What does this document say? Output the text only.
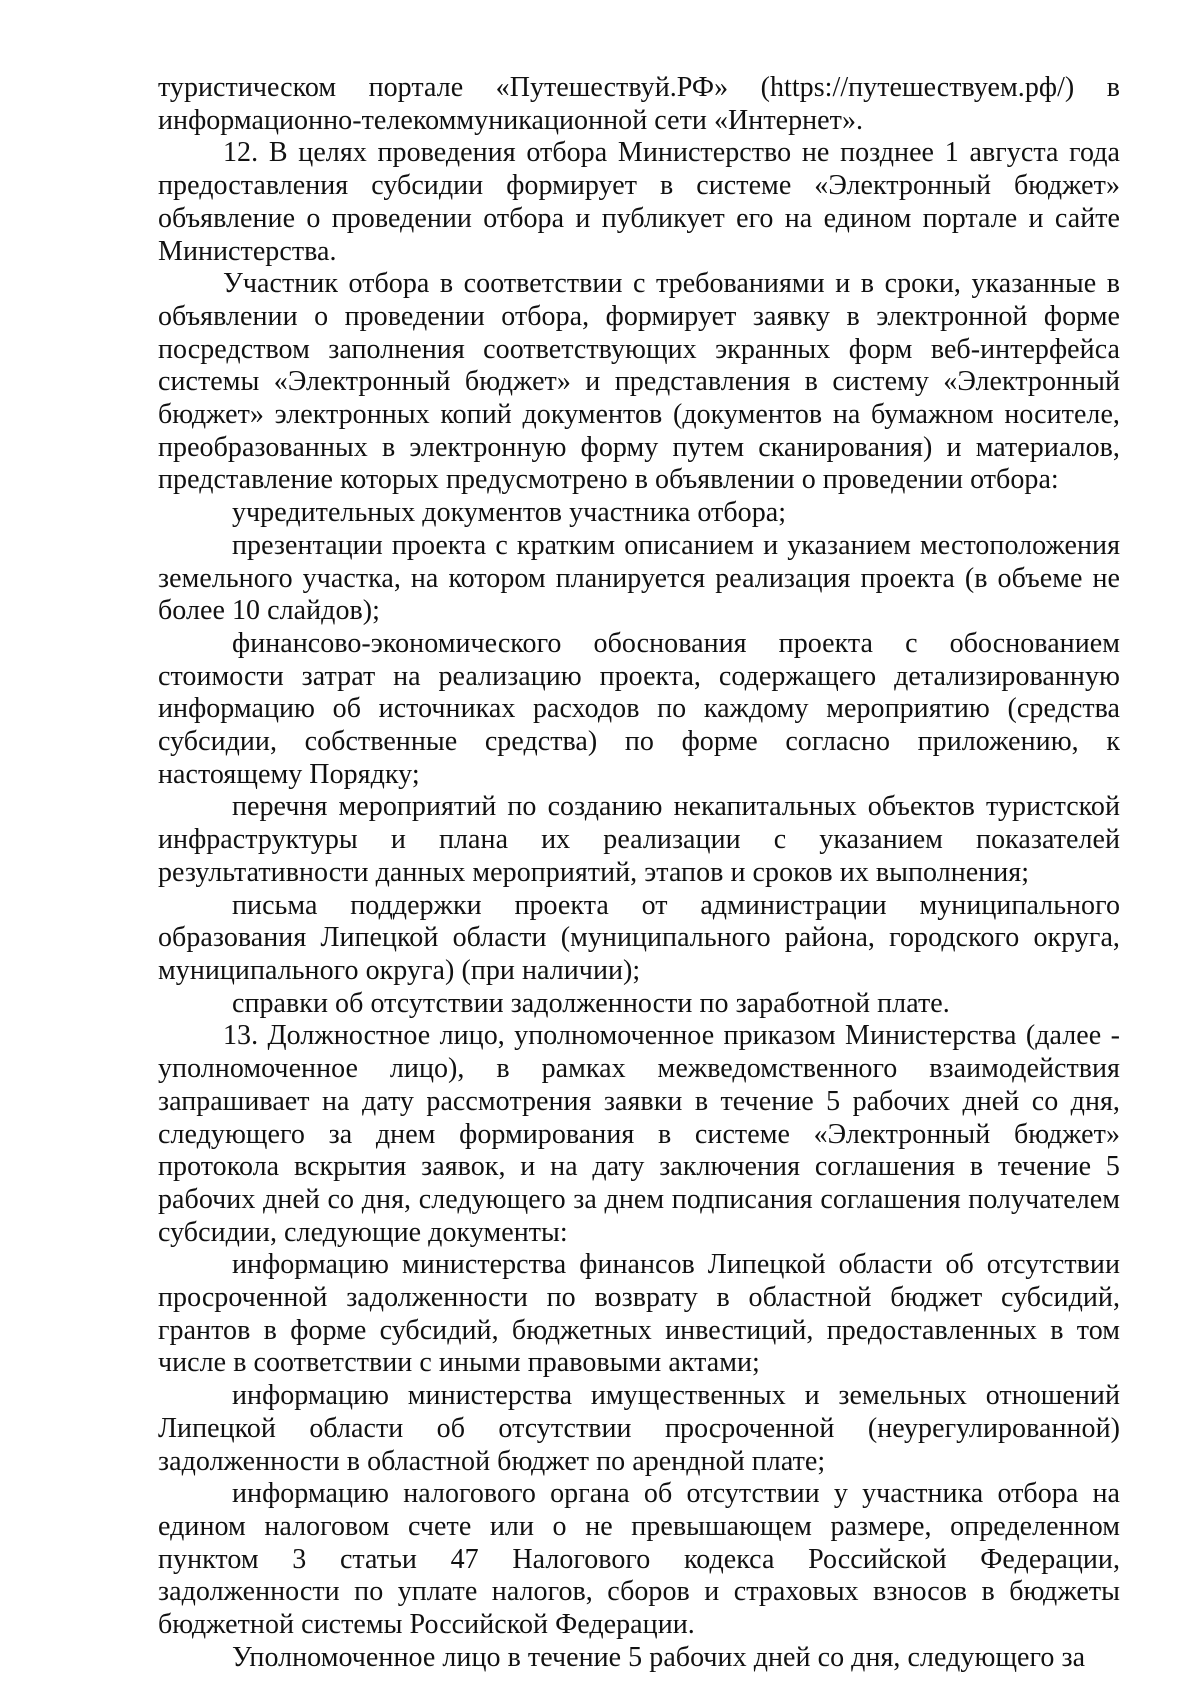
туристическом портале «Путешествуй.РФ» (https://путешествуем.рф/) в информационно-телекоммуникационной сети «Интернет».

12. В целях проведения отбора Министерство не позднее 1 августа года предоставления субсидии формирует в системе «Электронный бюджет» объявление о проведении отбора и публикует его на едином портале и сайте Министерства.

Участник отбора в соответствии с требованиями и в сроки, указанные в объявлении о проведении отбора, формирует заявку в электронной форме посредством заполнения соответствующих экранных форм веб-интерфейса системы «Электронный бюджет» и представления в систему «Электронный бюджет» электронных копий документов (документов на бумажном носителе, преобразованных в электронную форму путем сканирования) и материалов, представление которых предусмотрено в объявлении о проведении отбора:

учредительных документов участника отбора;

презентации проекта с кратким описанием и указанием местоположения земельного участка, на котором планируется реализация проекта (в объеме не более 10 слайдов);

финансово-экономического обоснования проекта с обоснованием стоимости затрат на реализацию проекта, содержащего детализированную информацию об источниках расходов по каждому мероприятию (средства субсидии, собственные средства) по форме согласно приложению, к настоящему Порядку;

перечня мероприятий по созданию некапитальных объектов туристской инфраструктуры и плана их реализации с указанием показателей результативности данных мероприятий, этапов и сроков их выполнения;

письма поддержки проекта от администрации муниципального образования Липецкой области (муниципального района, городского округа, муниципального округа) (при наличии);

справки об отсутствии задолженности по заработной плате.

13. Должностное лицо, уполномоченное приказом Министерства (далее - уполномоченное лицо), в рамках межведомственного взаимодействия запрашивает на дату рассмотрения заявки в течение 5 рабочих дней со дня, следующего за днем формирования в системе «Электронный бюджет» протокола вскрытия заявок, и на дату заключения соглашения в течение 5 рабочих дней со дня, следующего за днем подписания соглашения получателем субсидии, следующие документы:

информацию министерства финансов Липецкой области об отсутствии просроченной задолженности по возврату в областной бюджет субсидий, грантов в форме субсидий, бюджетных инвестиций, предоставленных в том числе в соответствии с иными правовыми актами;

информацию министерства имущественных и земельных отношений Липецкой области об отсутствии просроченной (неурегулированной) задолженности в областной бюджет по арендной плате;

информацию налогового органа об отсутствии у участника отбора на едином налоговом счете или о не превышающем размере, определенном пунктом 3 статьи 47 Налогового кодекса Российской Федерации, задолженности по уплате налогов, сборов и страховых взносов в бюджеты бюджетной системы Российской Федерации.

Уполномоченное лицо в течение 5 рабочих дней со дня, следующего за
